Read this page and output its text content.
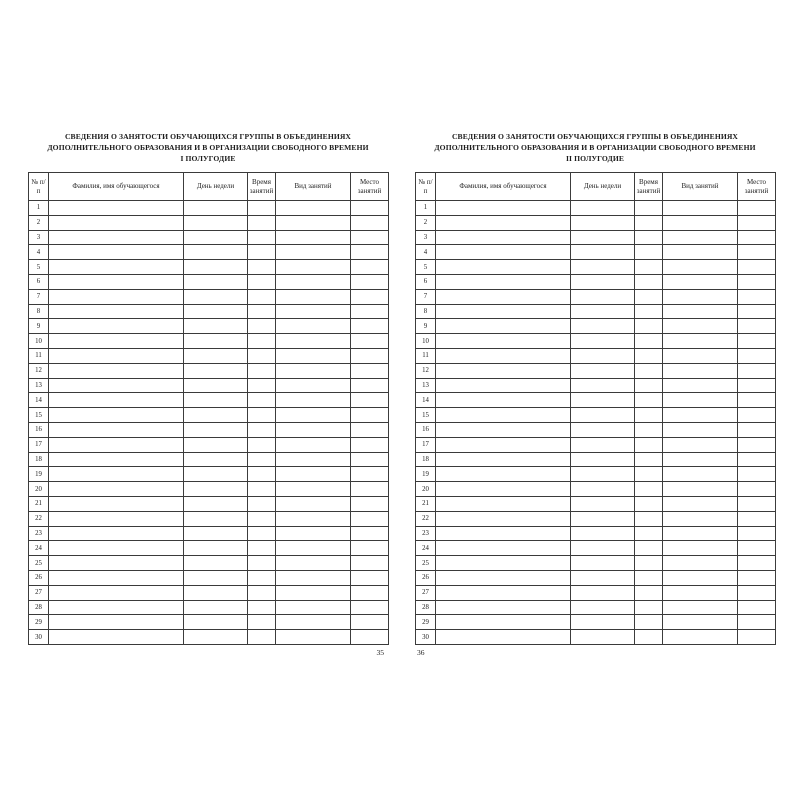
СВЕДЕНИЯ О ЗАНЯТОСТИ ОБУЧАЮЩИХСЯ ГРУППЫ В ОБЪЕДИНЕНИЯХ
ДОПОЛНИТЕЛЬНОГО ОБРАЗОВАНИЯ И В ОРГАНИЗАЦИИ СВОБОДНОГО ВРЕМЕНИ
I ПОЛУГОДИЕ
№ п/п	Фамилия, имя обучающегося	День недели	Время занятий	Вид занятий	Место занятий
1					
2					
3					
4					
5					
6					
7					
8					
9					
10					
11					
12					
13					
14					
15					
16					
17					
18					
19					
20					
21					
22					
23					
24					
25					
26					
27					
28					
29					
30					
35
СВЕДЕНИЯ О ЗАНЯТОСТИ ОБУЧАЮЩИХСЯ ГРУППЫ В ОБЪЕДИНЕНИЯХ
ДОПОЛНИТЕЛЬНОГО ОБРАЗОВАНИЯ И В ОРГАНИЗАЦИИ СВОБОДНОГО ВРЕМЕНИ
II ПОЛУГОДИЕ
№ п/п	Фамилия, имя обучающегося	День недели	Время занятий	Вид занятий	Место занятий
1					
2					
3					
4					
5					
6					
7					
8					
9					
10					
11					
12					
13					
14					
15					
16					
17					
18					
19					
20					
21					
22					
23					
24					
25					
26					
27					
28					
29					
30					
36
